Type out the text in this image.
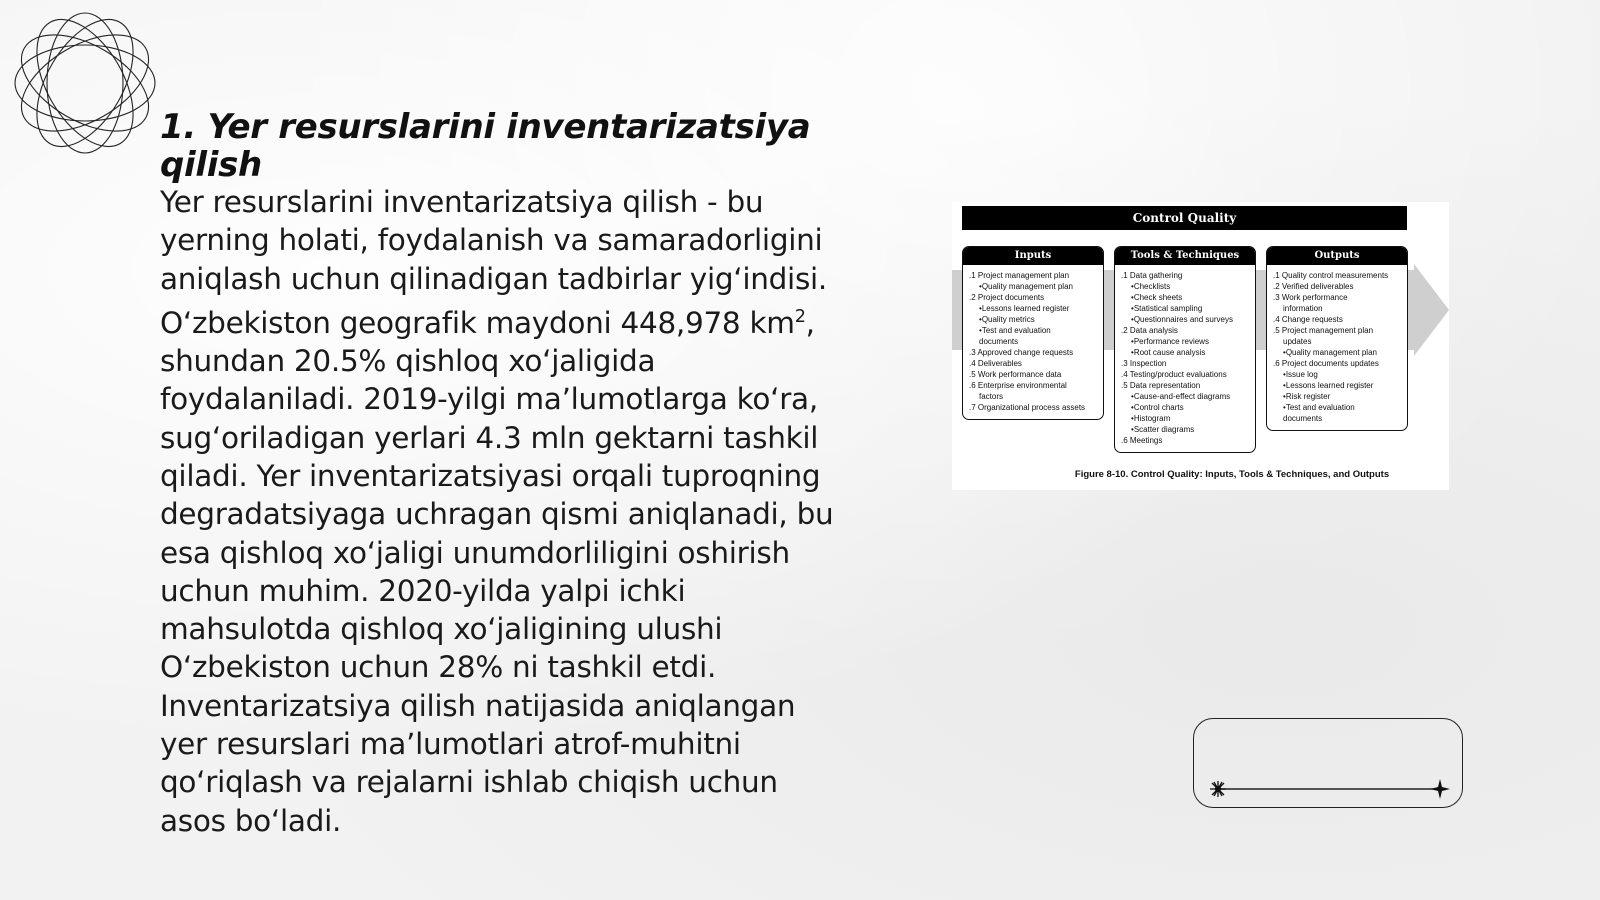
1. Yer resurslarini inventarizatsiya qilish

Yer resurslarini inventarizatsiya qilish - bu yerning holati, foydalanish va samaradorligini aniqlash uchun qilinadigan tadbirlar yigʻindisi. Oʻzbekiston geografik maydoni 448,978 $km^2$, shundan 20.5% qishloq xoʻjaligida foydalaniladi. 2019-yilgi maʼlumotlarga koʻra, sugʻoriladigan yerlari 4.3 mln gektarni tashkil qiladi. Yer inventarizatsiyasi orqali tuproqning degradatsiyaga uchragan qismi aniqlanadi, bu esa qishloq xoʻjaligi unumdorliligini oshirish uchun muhim. 2020-yilda yalpi ichki mahsulotda qishloq xoʻjaligining ulushi Oʻzbekiston uchun 28% ni tashkil etdi. Inventarizatsiya qilish natijasida aniqlangan yer resurslari maʼlumotlari atrof-muhitni qoʻriqlash va rejalarni ishlab chiqish uchun asos boʻladi.

Control Quality
Inputs
.1 Project management plan
• Quality management plan
.2 Project documents
• Lessons learned register
• Quality metrics
• Test and evaluation
documents
.3 Approved change requests
.4 Deliverables
.5 Work performance data
.6 Enterprise environmental
factors
.7 Organizational process assets
Tools & Techniques
.1 Data gathering
• Checklists
• Check sheets
• Statistical sampling
• Questionnaires and surveys
.2 Data analysis
• Performance reviews
• Root cause analysis
.3 Inspection
.4 Testing/product evaluations
.5 Data representation
• Cause-and-effect diagrams
• Control charts
• Histogram
• Scatter diagrams
.6 Meetings
Outputs
.1 Quality control measurements
.2 Verified deliverables
.3 Work performance
information
.4 Change requests
.5 Project management plan
updates
• Quality management plan
.6 Project documents updates
• Issue log
• Lessons learned register
• Risk register
• Test and evaluation
documents
Figure 8-10. Control Quality: Inputs, Tools & Techniques, and Outputs
